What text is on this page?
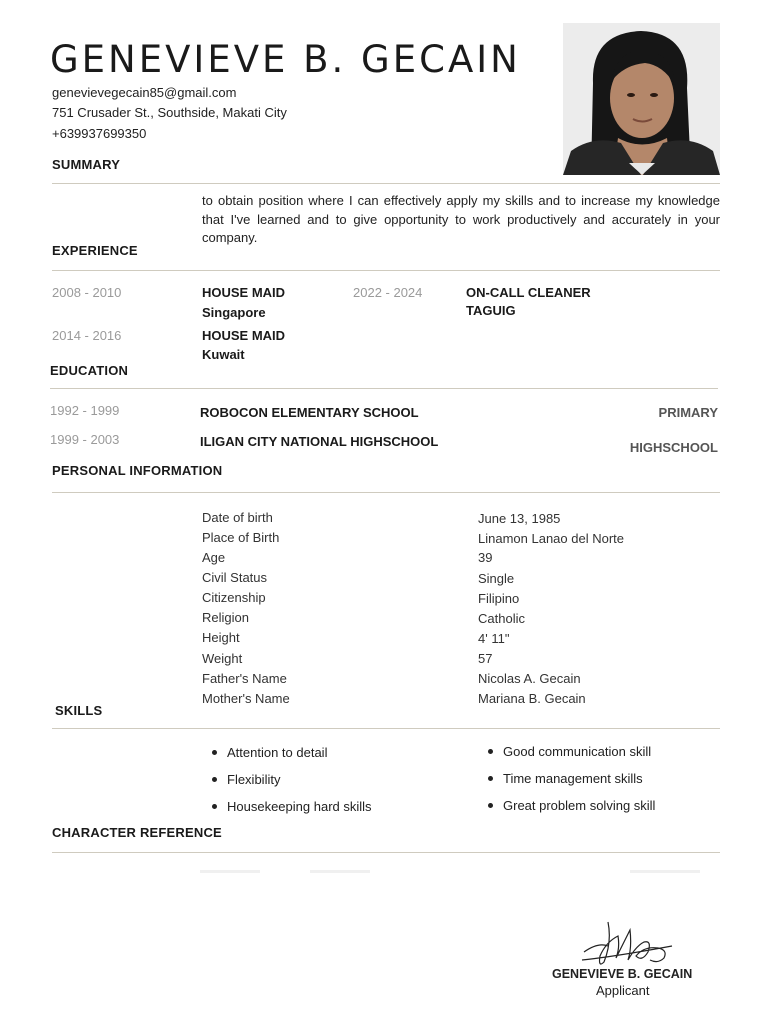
GENEVIEVE B. GECAIN
genevievegecain85@gmail.com
751 Crusader St., Southside, Makati City
+639937699350
SUMMARY

to obtain position where I can effectively apply my skills and to increase my knowledge that I've learned and to give opportunity to work productively and accurately in your company.

EXPERIENCE
2008 - 2010	HOUSE MAID
Singapore
2014 - 2016	HOUSE MAID
Kuwait
2022 - 2024	ON-CALL CLEANER
TAGUIG
EDUCATION
1992 - 1999	ROBOCON ELEMENTARY SCHOOL	PRIMARY
1999 - 2003	ILIGAN CITY NATIONAL HIGHSCHOOL	HIGHSCHOOL
PERSONAL INFORMATION
Date of birth	June 13, 1985
Place of Birth	Linamon Lanao del Norte
Age	39
Civil Status	Single
Citizenship	Filipino
Religion	Catholic
Height	4' 11"
Weight	57
Father's Name	Nicolas A. Gecain
Mother's Name	Mariana B. Gecain
SKILLS
Attention to detail
Flexibility
Housekeeping hard skills
Good communication skill
Time management skills
Great problem solving skill
CHARACTER REFERENCE
GENEVIEVE B. GECAIN
Applicant
